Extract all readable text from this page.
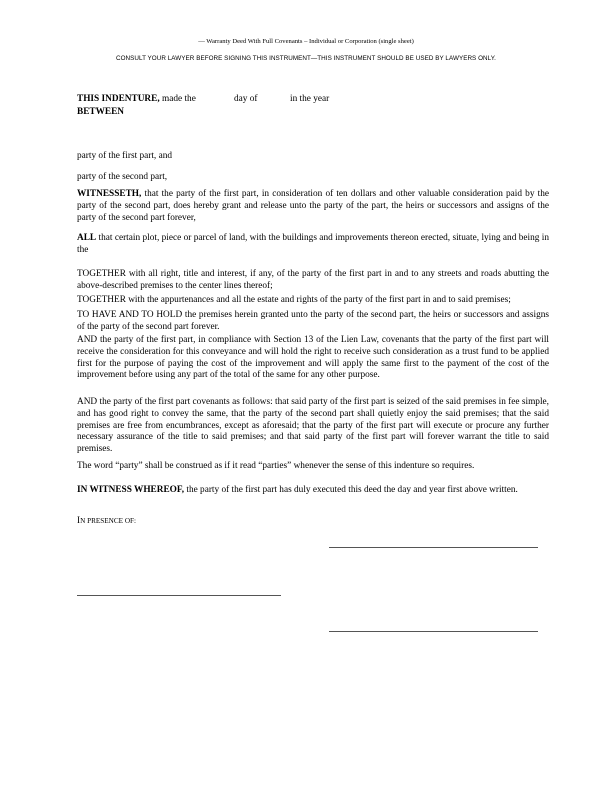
— Warranty Deed With Full Covenants – Individual or Corporation (single sheet)
CONSULT YOUR LAWYER BEFORE SIGNING THIS INSTRUMENT—THIS INSTRUMENT SHOULD BE USED BY LAWYERS ONLY.
THIS INDENTURE, made the	day of	in the year
BETWEEN
party of the first part, and
party of the second part,
WITNESSETH, that the party of the first part, in consideration of ten dollars and other valuable consideration paid by the party of the second part, does hereby grant and release unto the party of the part, the heirs or successors and assigns of the party of the second part forever,
ALL that certain plot, piece or parcel of land, with the buildings and improvements thereon erected, situate, lying and being in the
TOGETHER with all right, title and interest, if any, of the party of the first part in and to any streets and roads abutting the above-described premises to the center lines thereof;
TOGETHER with the appurtenances and all the estate and rights of the party of the first part in and to said premises;
TO HAVE AND TO HOLD the premises herein granted unto the party of the second part, the heirs or successors and assigns of the party of the second part forever.
AND the party of the first part, in compliance with Section 13 of the Lien Law, covenants that the party of the first part will receive the consideration for this conveyance and will hold the right to receive such consideration as a trust fund to be applied first for the purpose of paying the cost of the improvement and will apply the same first to the payment of the cost of the improvement before using any part of the total of the same for any other purpose.
AND the party of the first part covenants as follows: that said party of the first part is seized of the said premises in fee simple, and has good right to convey the same, that the party of the second part shall quietly enjoy the said premises; that the said premises are free from encumbrances, except as aforesaid; that the party of the first part will execute or procure any further necessary assurance of the title to said premises; and that said party of the first part will forever warrant the title to said premises.
The word “party” shall be construed as if it read “parties” whenever the sense of this indenture so requires.
IN WITNESS WHEREOF, the party of the first part has duly executed this deed the day and year first above written.
IN PRESENCE OF:
